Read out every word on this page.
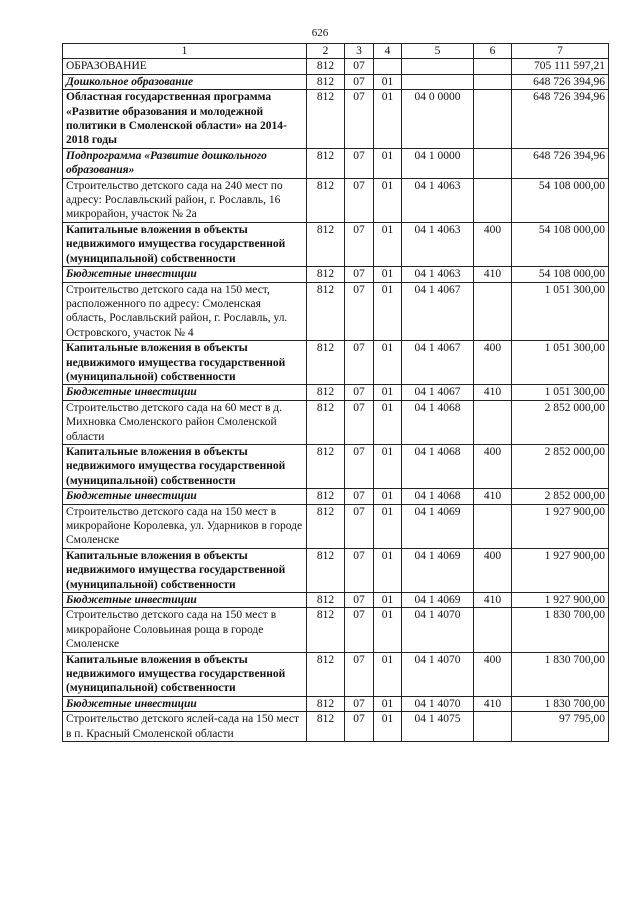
626
1	2	3	4	5	6	7
ОБРАЗОВАНИЕ	812	07				705 111 597,21
Дошкольное образование	812	07	01			648 726 394,96
Областная государственная программа «Развитие образования и молодежной политики в Смоленской области» на 2014-2018 годы	812	07	01	04 0 0000		648 726 394,96
Подпрограмма «Развитие дошкольного образования»	812	07	01	04 1 0000		648 726 394,96
Строительство детского сада на 240 мест по адресу: Рославльский район, г. Рославль, 16 микрорайон, участок № 2а	812	07	01	04 1 4063		54 108 000,00
Капитальные вложения в объекты недвижимого имущества государственной (муниципальной) собственности	812	07	01	04 1 4063	400	54 108 000,00
Бюджетные инвестиции	812	07	01	04 1 4063	410	54 108 000,00
Строительство детского сада на 150 мест, расположенного по адресу: Смоленская область, Рославльский район, г. Рославль, ул. Островского, участок № 4	812	07	01	04 1 4067		1 051 300,00
Капитальные вложения в объекты недвижимого имущества государственной (муниципальной) собственности	812	07	01	04 1 4067	400	1 051 300,00
Бюджетные инвестиции	812	07	01	04 1 4067	410	1 051 300,00
Строительство детского сада на 60 мест в д. Михновка Смоленского район Смоленской области	812	07	01	04 1 4068		2 852 000,00
Капитальные вложения в объекты недвижимого имущества государственной (муниципальной) собственности	812	07	01	04 1 4068	400	2 852 000,00
Бюджетные инвестиции	812	07	01	04 1 4068	410	2 852 000,00
Строительство детского сада на 150 мест в микрорайоне Королевка, ул. Ударников в городе Смоленске	812	07	01	04 1 4069		1 927 900,00
Капитальные вложения в объекты недвижимого имущества государственной (муниципальной) собственности	812	07	01	04 1 4069	400	1 927 900,00
Бюджетные инвестиции	812	07	01	04 1 4069	410	1 927 900,00
Строительство детского сада на 150 мест в микрорайоне Соловьиная роща в городе Смоленске	812	07	01	04 1 4070		1 830 700,00
Капитальные вложения в объекты недвижимого имущества государственной (муниципальной) собственности	812	07	01	04 1 4070	400	1 830 700,00
Бюджетные инвестиции	812	07	01	04 1 4070	410	1 830 700,00
Строительство детского яслей-сада на 150 мест в п. Красный Смоленской области	812	07	01	04 1 4075		97 795,00
